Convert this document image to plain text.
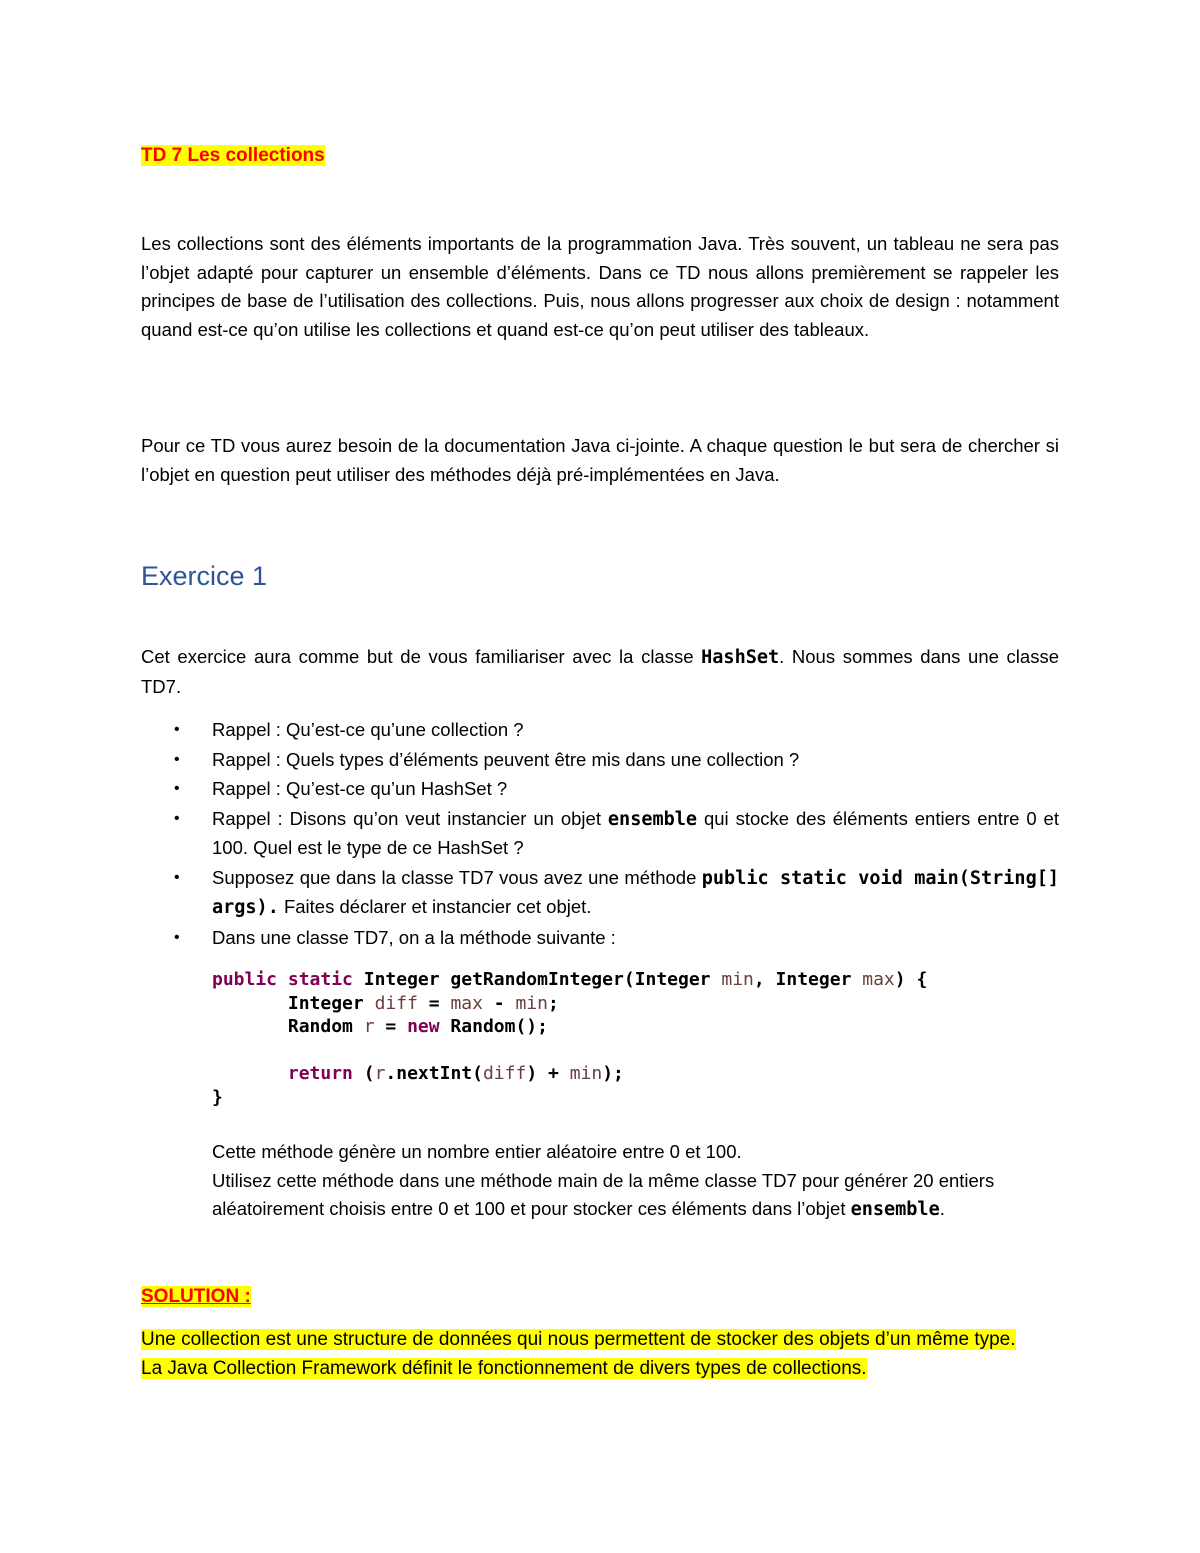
TD 7 Les collections
Les collections sont des éléments importants de la programmation Java. Très souvent, un tableau ne sera pas l’objet adapté pour capturer un ensemble d’éléments. Dans ce TD nous allons premièrement se rappeler les principes de base de l’utilisation des collections. Puis, nous allons progresser aux choix de design : notamment quand est-ce qu’on utilise les collections et quand est-ce qu’on peut utiliser des tableaux.
Pour ce TD vous aurez besoin de la documentation Java ci-jointe. A chaque question le but sera de chercher si l’objet en question peut utiliser des méthodes déjà pré-implémentées en Java.
Exercice 1
Cet exercice aura comme but de vous familiariser avec la classe HashSet. Nous sommes dans une classe TD7.
• Rappel : Qu’est-ce qu’une collection ?
• Rappel : Quels types d’éléments peuvent être mis dans une collection ?
• Rappel : Qu’est-ce qu’un HashSet ?
• Rappel : Disons qu’on veut instancier un objet ensemble qui stocke des éléments entiers entre 0 et 100. Quel est le type de ce HashSet ?
• Supposez que dans la classe TD7 vous avez une méthode public static void main(String[] args). Faites déclarer et instancier cet objet.
• Dans une classe TD7, on a la méthode suivante :
public static Integer getRandomInteger(Integer min, Integer max) {
Integer diff = max - min;
Random r = new Random();

return (r.nextInt(diff) + min);
}
Cette méthode génère un nombre entier aléatoire entre 0 et 100.
Utilisez cette méthode dans une méthode main de la même classe TD7 pour générer 20 entiers aléatoirement choisis entre 0 et 100 et pour stocker ces éléments dans l’objet ensemble.
SOLUTION :
Une collection est une structure de données qui nous permettent de stocker des objets d’un même type.
La Java Collection Framework définit le fonctionnement de divers types de collections.
